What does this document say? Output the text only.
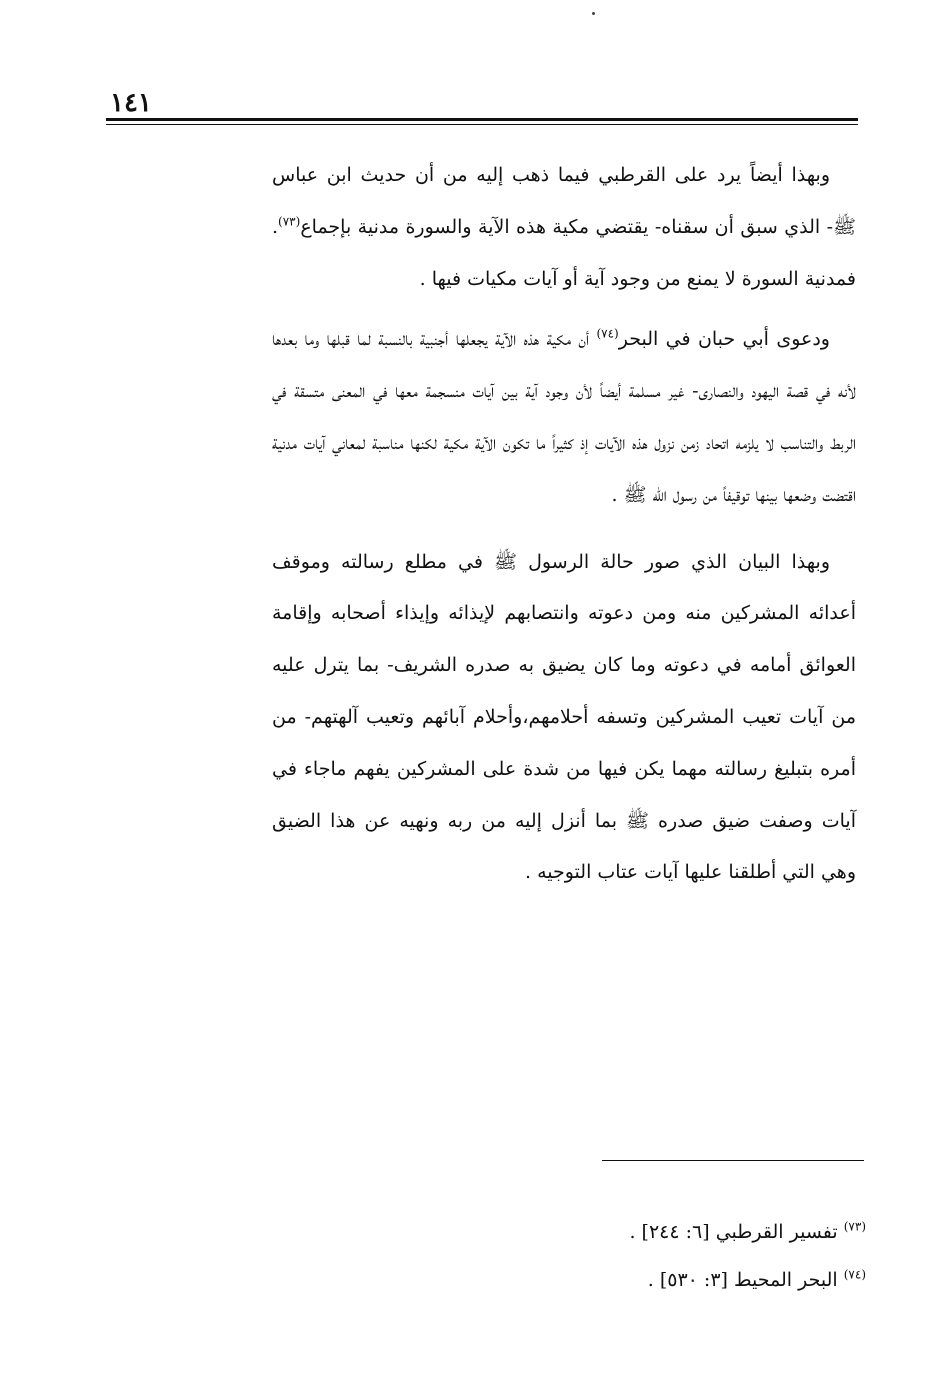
١٤١

وبهذا أيضاً يرد على القرطبي فيما ذهب إليه من أن حديث ابن عباس ﷺ- الذي سبق أن سقناه- يقتضي مكية هذه الآية والسورة مدنية بإجماع$^{(٧٣)}$. فمدنية السورة لا يمنع من وجود آية أو آيات مكيات فيها .

ودعوى أبي حبان في البحر$^{(٧٤)}$ أن مكية هذه الآية يجعلها أجنبية بالنسبة لما قبلها وما بعدها لأنه في قصة اليهود والنصارى- غير مسلمة أيضاً لأن وجود آية بين آيات منسجمة معها في المعنى متسقة في الربط والتناسب لا يلزمه اتحاد زمن نزول هذه الآيات إذ كثيراً ما تكون الآية مكية لكنها مناسبة لمعاني آيات مدنية اقتضت وضعها بينها توقيفاً من رسول الله ﷺ .

وبهذا البيان الذي صور حالة الرسول ﷺ في مطلع رسالته وموقف أعدائه المشركين منه ومن دعوته وانتصابهم لإيذائه وإيذاء أصحابه وإقامة العوائق أمامه في دعوته وما كان يضيق به صدره الشريف- بما يترل عليه من آيات تعيب المشركين وتسفه أحلامهم،وأحلام آبائهم وتعيب آلهتهم- من أمره بتبليغ رسالته مهما يكن فيها من شدة على المشركين يفهم ماجاء في آيات وصفت ضيق صدره ﷺ بما أنزل إليه من ربه ونهيه عن هذا الضيق وهي التي أطلقنا عليها آيات عتاب التوجيه .

$^{(٧٣)}$ تفسير القرطبي [٦: ٢٤٤] .

$^{(٧٤)}$ البحر المحيط [٣: ٥٣٠] .
